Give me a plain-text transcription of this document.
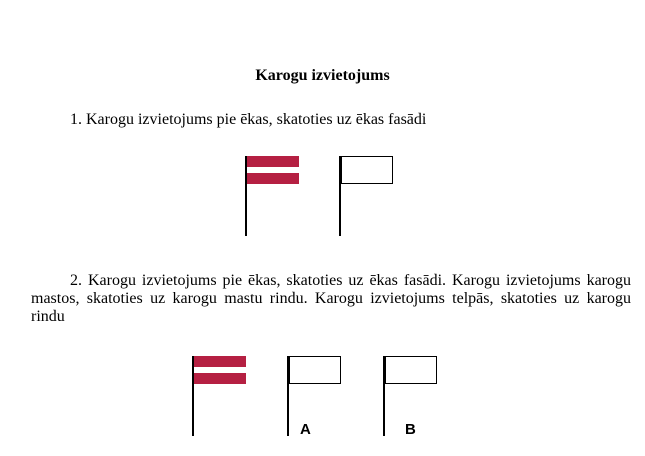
Karogu izvietojums
1. Karogu izvietojums pie ēkas, skatoties uz ēkas fasādi
2. Karogu izvietojums pie ēkas, skatoties uz ēkas fasādi. Karogu izvietojums karogu mastos, skatoties uz karogu mastu rindu. Karogu izvietojums telpās, skatoties uz karogu rindu
A	B
